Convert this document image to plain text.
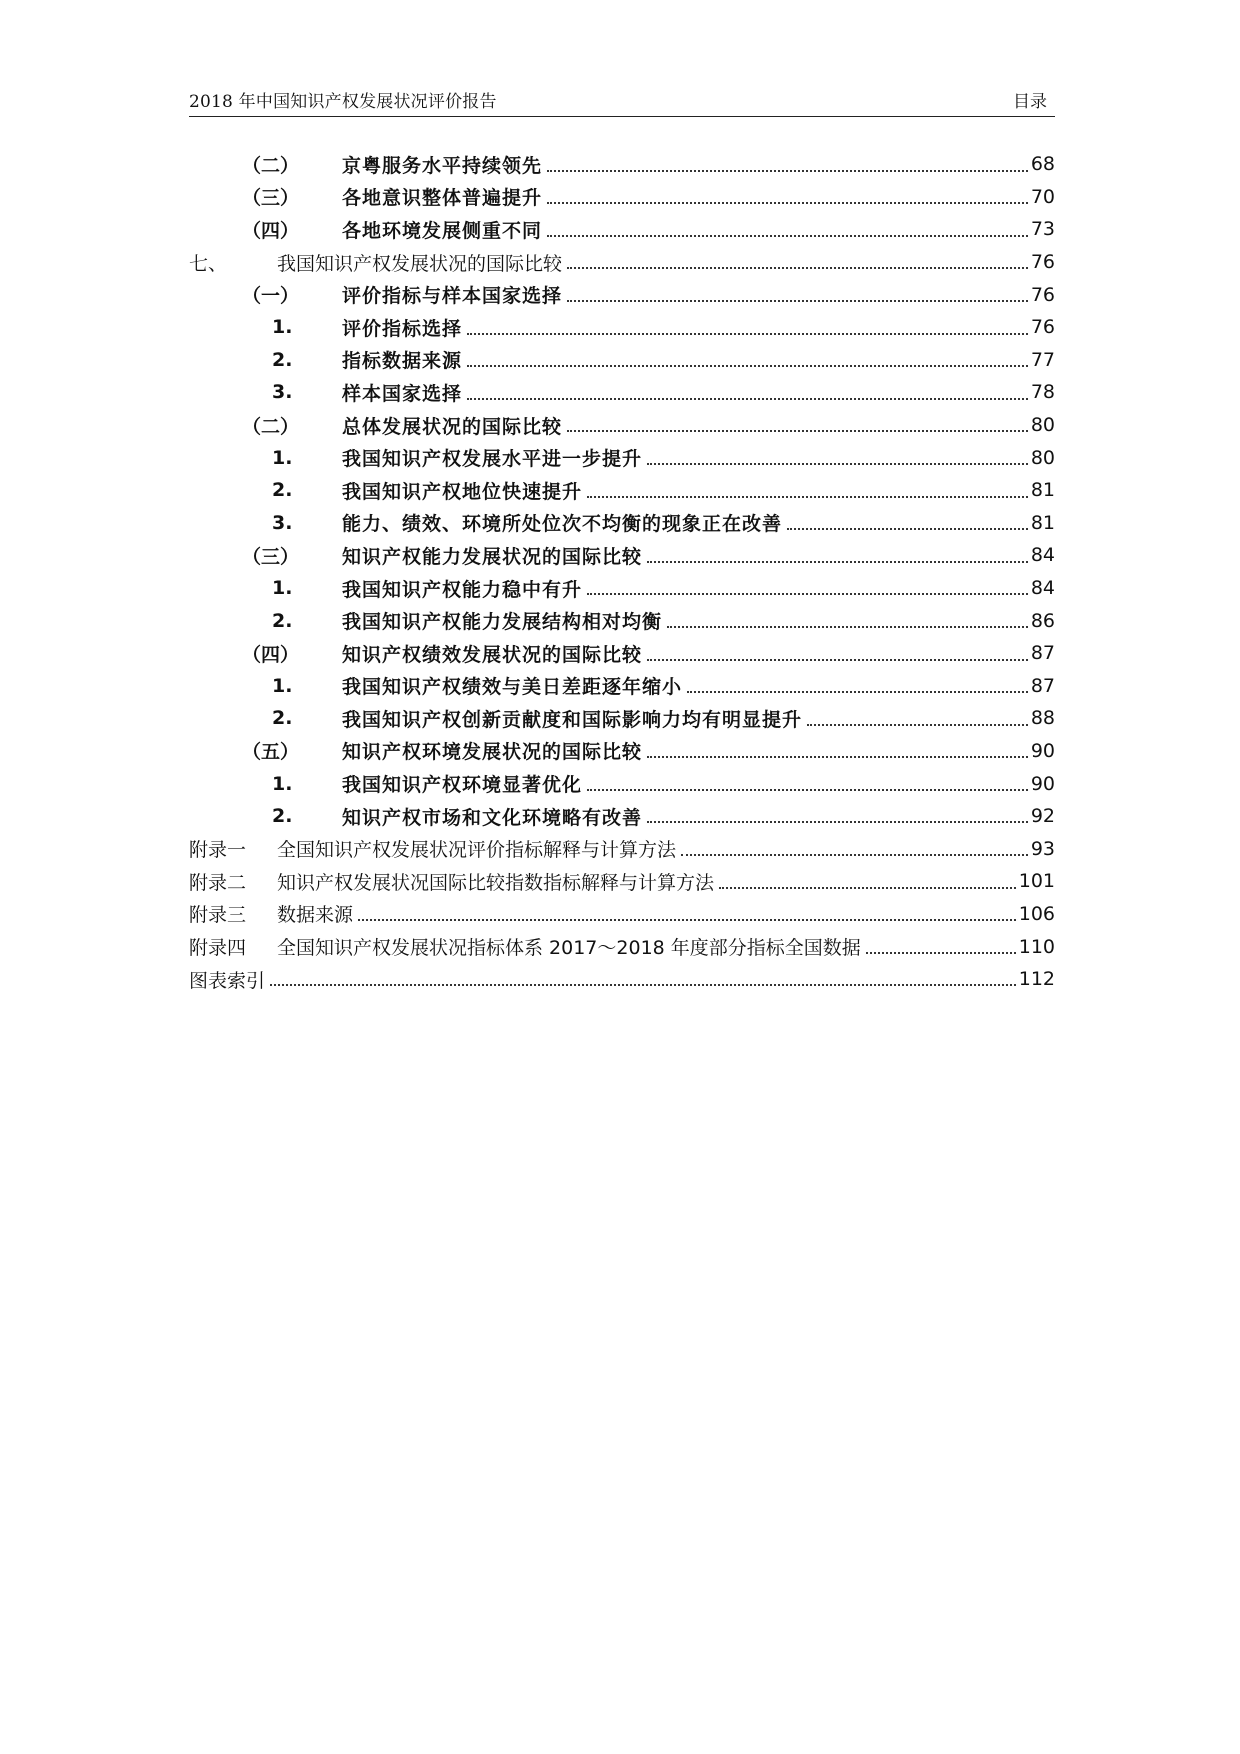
2018 年中国知识产权发展状况评价报告	目录
（二）	京粤服务水平持续领先	68
（三）	各地意识整体普遍提升	70
（四）	各地环境发展侧重不同	73
七、	我国知识产权发展状况的国际比较	76
（一）	评价指标与样本国家选择	76
1.	评价指标选择	76
2.	指标数据来源	77
3.	样本国家选择	78
（二）	总体发展状况的国际比较	80
1.	我国知识产权发展水平进一步提升	80
2.	我国知识产权地位快速提升	81
3.	能力、绩效、环境所处位次不均衡的现象正在改善	81
（三）	知识产权能力发展状况的国际比较	84
1.	我国知识产权能力稳中有升	84
2.	我国知识产权能力发展结构相对均衡	86
（四）	知识产权绩效发展状况的国际比较	87
1.	我国知识产权绩效与美日差距逐年缩小	87
2.	我国知识产权创新贡献度和国际影响力均有明显提升	88
（五）	知识产权环境发展状况的国际比较	90
1.	我国知识产权环境显著优化	90
2.	知识产权市场和文化环境略有改善	92
附录一	全国知识产权发展状况评价指标解释与计算方法	93
附录二	知识产权发展状况国际比较指数指标解释与计算方法	101
附录三	数据来源	106
附录四	全国知识产权发展状况指标体系 2017～2018 年度部分指标全国数据	110
图表索引	112
